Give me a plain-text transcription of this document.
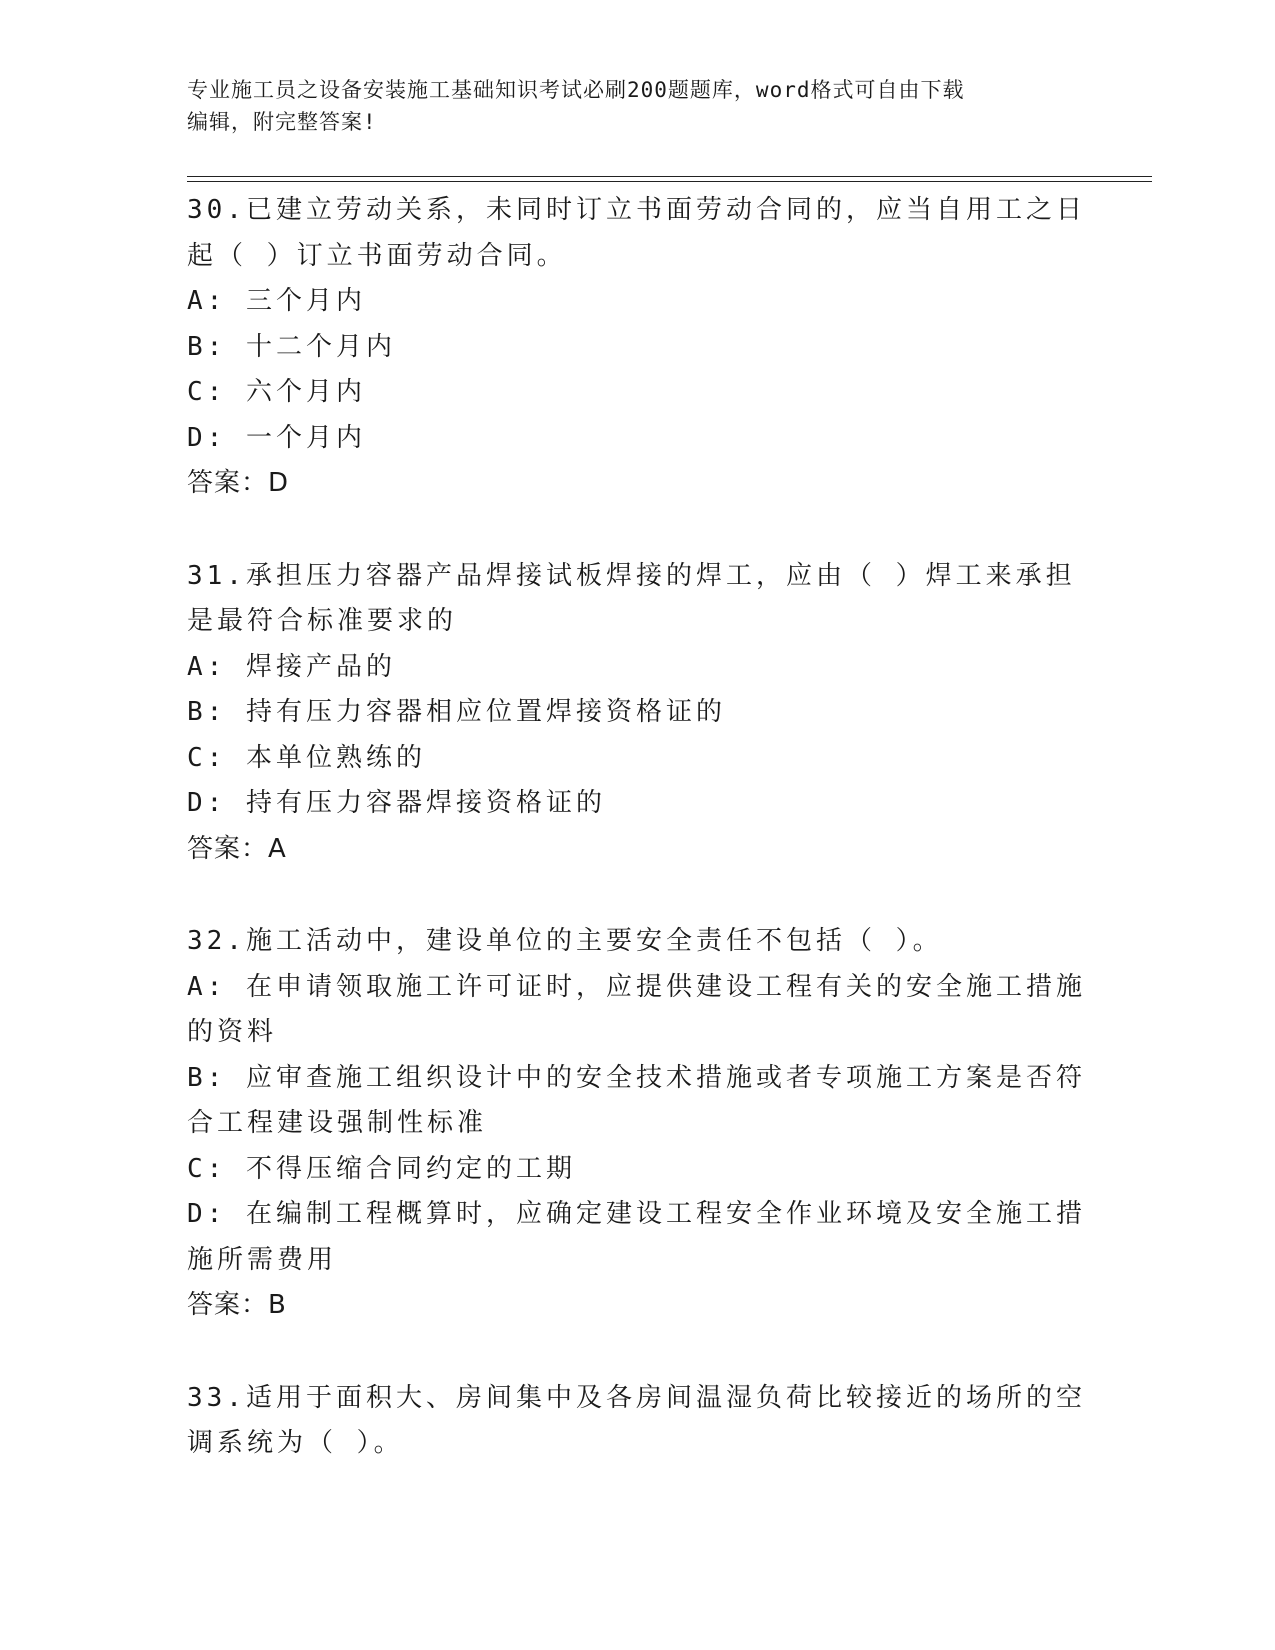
专业施工员之设备安装施工基础知识考试必刷200题题库，word格式可自由下载
编辑，附完整答案!

30.已建立劳动关系，未同时订立书面劳动合同的，应当自用工之日起（ ）订立书面劳动合同。

A: 三个月内

B: 十二个月内

C: 六个月内

D: 一个月内

答案：D

31.承担压力容器产品焊接试板焊接的焊工，应由（ ）焊工来承担是最符合标准要求的

A: 焊接产品的

B: 持有压力容器相应位置焊接资格证的

C: 本单位熟练的

D: 持有压力容器焊接资格证的

答案：A

32.施工活动中，建设单位的主要安全责任不包括（ ）。

A: 在申请领取施工许可证时，应提供建设工程有关的安全施工措施的资料

B: 应审查施工组织设计中的安全技术措施或者专项施工方案是否符合工程建设强制性标准

C: 不得压缩合同约定的工期

D: 在编制工程概算时，应确定建设工程安全作业环境及安全施工措施所需费用

答案：B

33.适用于面积大、房间集中及各房间温湿负荷比较接近的场所的空调系统为（ ）。
